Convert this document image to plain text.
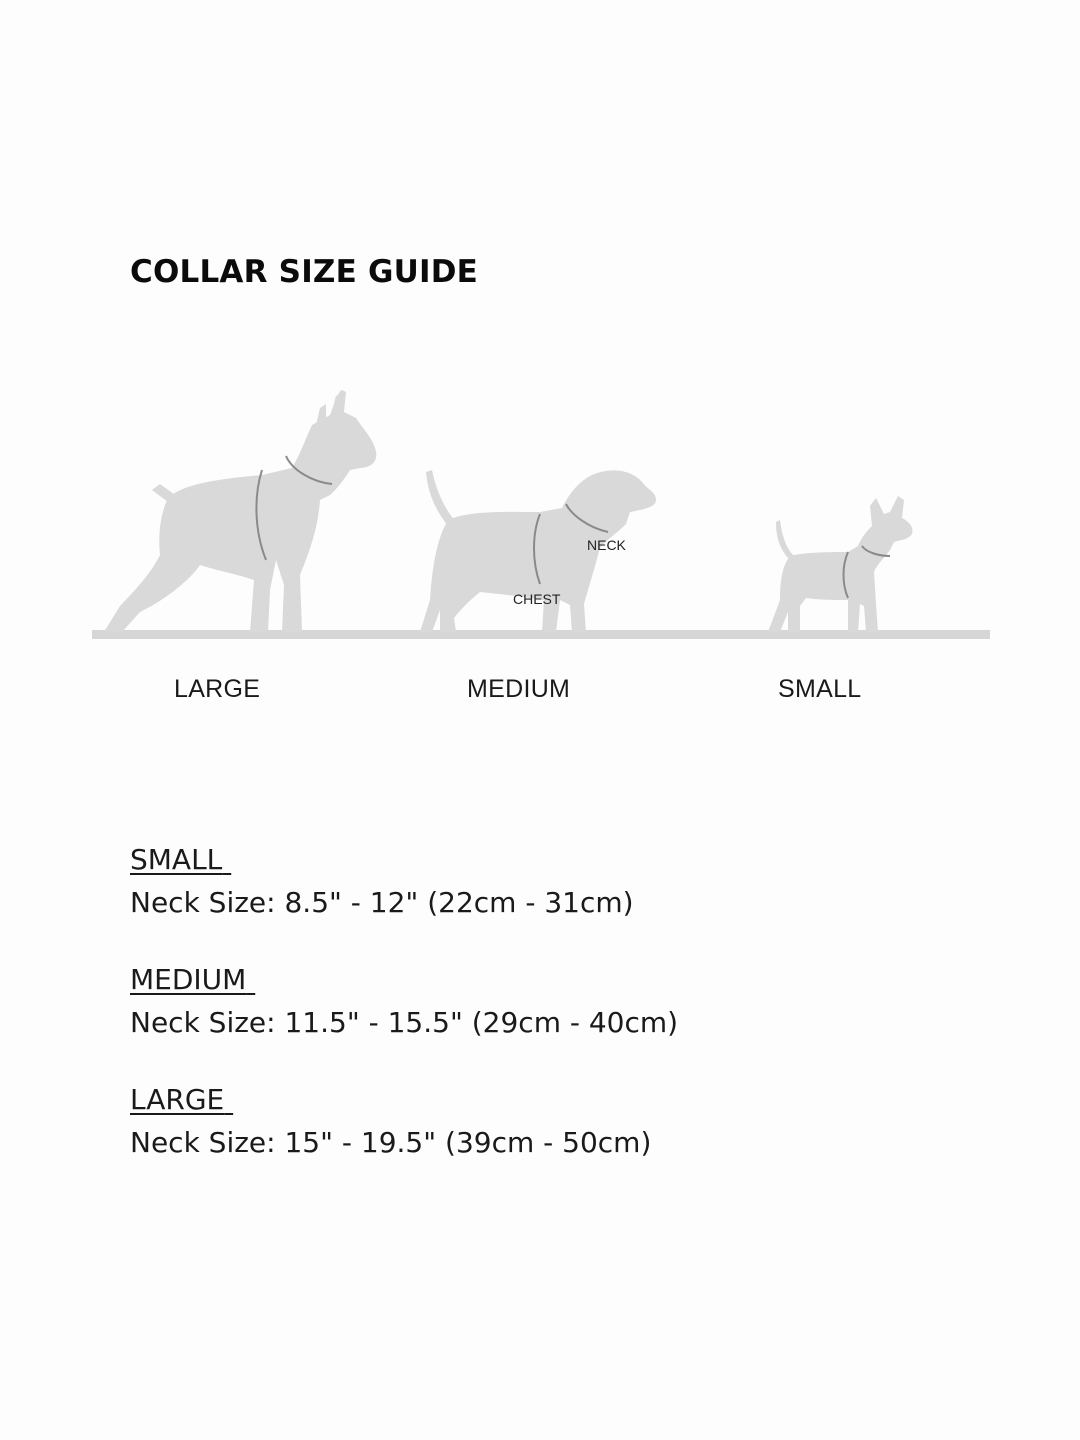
COLLAR SIZE GUIDE
NECK
CHEST
LARGE	MEDIUM	SMALL
SMALL
Neck Size: 8.5" - 12" (22cm - 31cm)
MEDIUM
Neck Size: 11.5" - 15.5" (29cm - 40cm)
LARGE
Neck Size: 15" - 19.5" (39cm - 50cm)
